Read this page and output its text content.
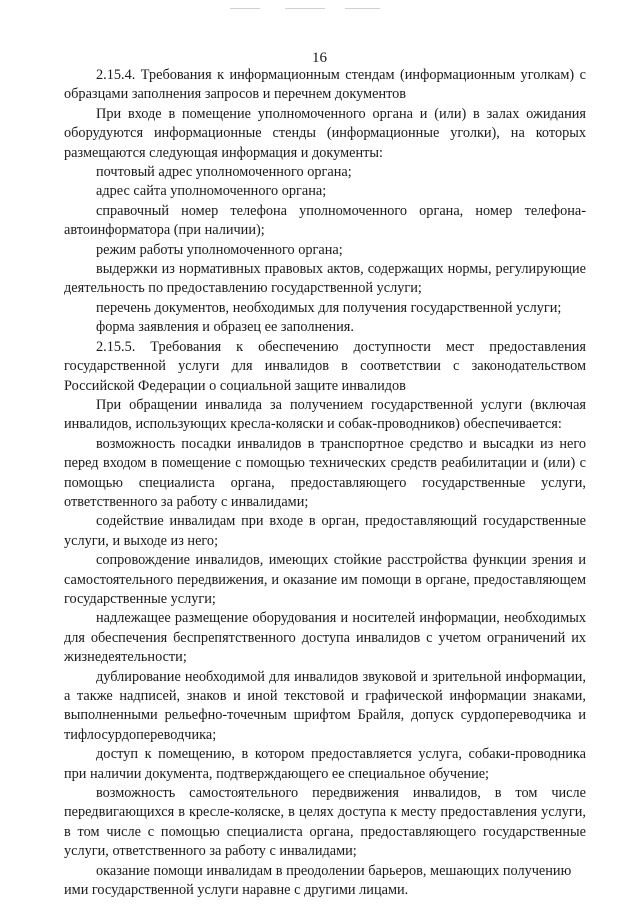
16

2.15.4. Требования к информационным стендам (информационным уголкам) с образцами заполнения запросов и перечнем документов

При входе в помещение уполномоченного органа и (или) в залах ожидания оборудуются информационные стенды (информационные уголки), на которых размещаются следующая информация и документы:

почтовый адрес уполномоченного органа;

адрес сайта уполномоченного органа;

справочный номер телефона уполномоченного органа, номер телефона-автоинформатора (при наличии);

режим работы уполномоченного органа;

выдержки из нормативных правовых актов, содержащих нормы, регулирующие деятельность по предоставлению государственной услуги;

перечень документов, необходимых для получения государственной услуги;

форма заявления и образец ее заполнения.

2.15.5. Требования к обеспечению доступности мест предоставления государственной услуги для инвалидов в соответствии с законодательством Российской Федерации о социальной защите инвалидов

При обращении инвалида за получением государственной услуги (включая инвалидов, использующих кресла-коляски и собак-проводников) обеспечивается:

возможность посадки инвалидов в транспортное средство и высадки из него перед входом в помещение с помощью технических средств реабилитации и (или) с помощью специалиста органа, предоставляющего государственные услуги, ответственного за работу с инвалидами;

содействие инвалидам при входе в орган, предоставляющий государственные услуги, и выходе из него;

сопровождение инвалидов, имеющих стойкие расстройства функции зрения и самостоятельного передвижения, и оказание им помощи в органе, предоставляющем государственные услуги;

надлежащее размещение оборудования и носителей информации, необходимых для обеспечения беспрепятственного доступа инвалидов с учетом ограничений их жизнедеятельности;

дублирование необходимой для инвалидов звуковой и зрительной информации, а также надписей, знаков и иной текстовой и графической информации знаками, выполненными рельефно-точечным шрифтом Брайля, допуск сурдопереводчика и тифлосурдопереводчика;

доступ к помещению, в котором предоставляется услуга, собаки-проводника при наличии документа, подтверждающего ее специальное обучение;

возможность самостоятельного передвижения инвалидов, в том числе передвигающихся в кресле-коляске, в целях доступа к месту предоставления услуги, в том числе с помощью специалиста органа, предоставляющего государственные услуги, ответственного за работу с инвалидами;

оказание помощи инвалидам в преодолении барьеров, мешающих получению ими государственной услуги наравне с другими лицами.
